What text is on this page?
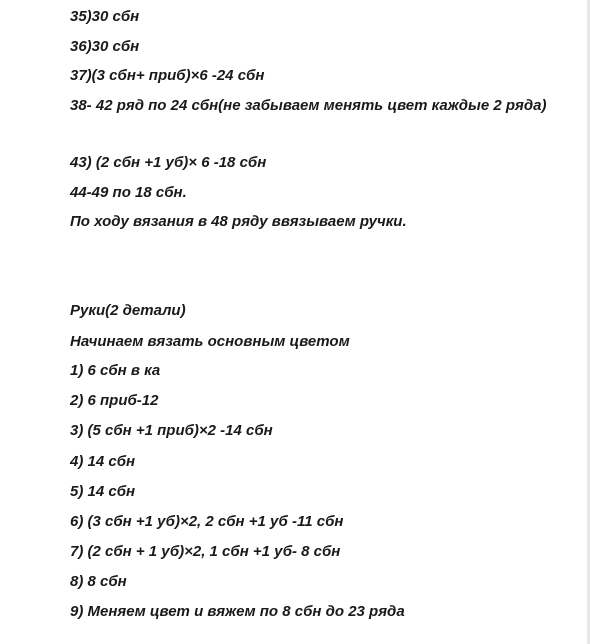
35)30 сбн
36)30 сбн
37)(3 сбн+ приб)×6 -24 сбн
38- 42 ряд по 24 сбн(не забываем менять цвет каждые 2 ряда)
43) (2 сбн +1 уб)× 6 -18 сбн
44-49 по 18 сбн.
По ходу вязания в 48 ряду ввязываем ручки.
Руки(2 детали)
Начинаем вязать основным цветом
1) 6 сбн в ка
2) 6 приб-12
3) (5 сбн +1 приб)×2 -14 сбн
4) 14 сбн
5) 14 сбн
6) (3 сбн +1 уб)×2, 2 сбн +1 уб -11 сбн
7) (2 сбн + 1 уб)×2, 1 сбн +1 уб- 8 сбн
8) 8 сбн
9) Меняем цвет и вяжем по 8 сбн до 23 ряда
